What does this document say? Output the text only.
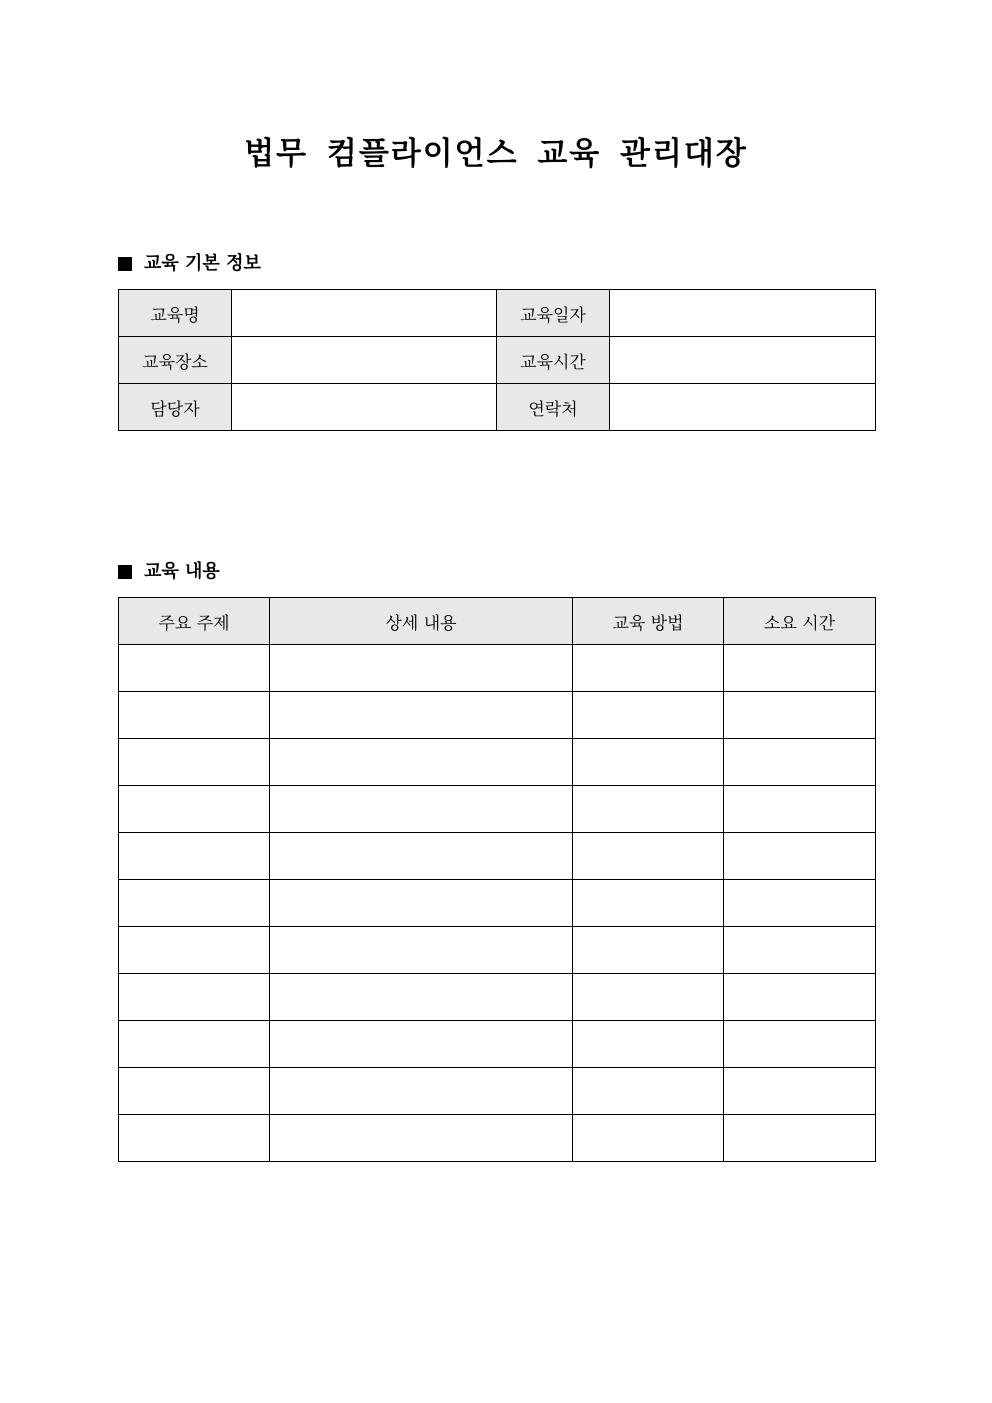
법무 컴플라이언스 교육 관리대장
교육 기본 정보
교육명		교육일자	
교육장소		교육시간	
담당자		연락처	
교육 내용
주요 주제	상세 내용	교육 방법	소요 시간
